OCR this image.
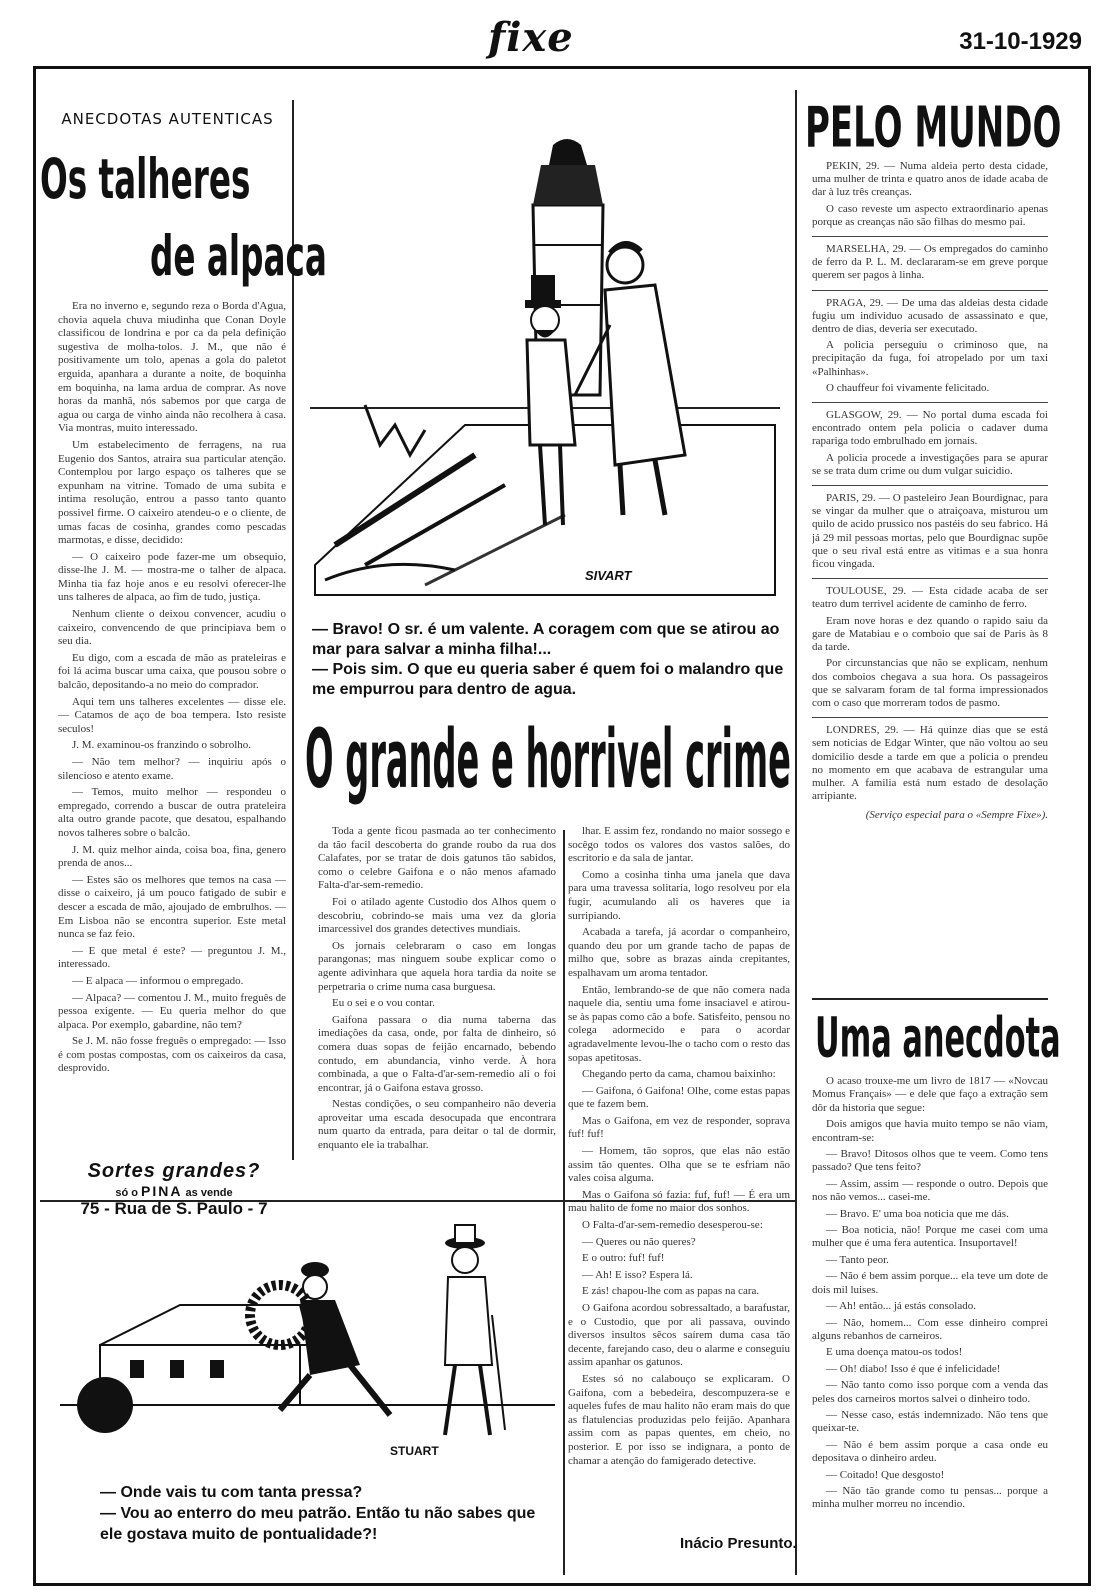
fixe	31-10-1929
ANECDOTAS AUTENTICAS
Os talheres
de alpaca

Era no inverno e, segundo reza o Borda d'Agua, chovia aquela chuva miudinha que Conan Doyle classificou de londrina e por ca da pela definição sugestiva de molha-tolos. J. M., que não é positivamente um tolo, apenas a gola do paletot erguida, apanhara a durante a noite, de boquinha em boquinha, na lama ardua de comprar. As nove horas da manhã, nós sabemos por que carga de agua ou carga de vinho ainda não recolhera à casa. Via montras, muito interessado.

Um estabelecimento de ferragens, na rua Eugenio dos Santos, atraira sua particular atenção. Contemplou por largo espaço os talheres que se expunham na vitrine. Tomado de uma subita e intima resolução, entrou a passo tanto quanto possivel firme. O caixeiro atendeu-o e o cliente, de umas facas de cosinha, grandes como pescadas marmotas, e disse, decidido:

— O caixeiro pode fazer-me um obsequio, disse-lhe J. M. — mostra-me o talher de alpaca. Minha tia faz hoje anos e eu resolvi oferecer-lhe uns talheres de alpaca, ao fim de tudo, justiça.

Nenhum cliente o deixou convencer, acudiu o caixeiro, convencendo de que principiava bem o seu dia.

Eu digo, com a escada de mão as prateleiras e foi lá acima buscar uma caixa, que pousou sobre o balcão, depositando-a no meio do comprador.

Aqui tem uns talheres excelentes — disse ele. — Catamos de aço de boa tempera. Isto resiste seculos!

J. M. examinou-os franzindo o sobrolho.

— Não tem melhor? — inquiriu após o silencioso e atento exame.

— Temos, muito melhor — respondeu o empregado, correndo a buscar de outra prateleira alta outro grande pacote, que desatou, espalhando novos talheres sobre o balcão.

J. M. quiz melhor ainda, coisa boa, fina, genero prenda de anos...

— Estes são os melhores que temos na casa — disse o caixeiro, já um pouco fatigado de subir e descer a escada de mão, ajoujado de embrulhos. — Em Lisboa não se encontra superior. Este metal nunca se faz feio.

— E que metal é este? — preguntou J. M., interessado.

— E alpaca — informou o empregado.

— Alpaca? — comentou J. M., muito freguês de pessoa exigente. — Eu queria melhor do que alpaca. Por exemplo, gabardine, não tem?

Se J. M. não fosse freguês o empregado: — Isso é com postas compostas, com os caixeiros da casa, desprovido.

Sortes grandes?
só o PINA as vende
75 - Rua de S. Paulo - 7
SIVART
— Bravo! O sr. é um valente. A coragem com que se atirou ao mar para salvar a minha filha!...
— Pois sim. O que eu queria saber é quem foi o malandro que me empurrou para dentro de agua.
O grande e horrivel crime

Toda a gente ficou pasmada ao ter conhecimento da tão facil descoberta do grande roubo da rua dos Calafates, por se tratar de dois gatunos tão sabidos, como o celebre Gaifona e o não menos afamado Falta-d'ar-sem-remedio.

Foi o atilado agente Custodio dos Alhos quem o descobriu, cobrindo-se mais uma vez da gloria imarcessivel dos grandes detectives mundiais.

Os jornais celebraram o caso em longas parangonas; mas ninguem soube explicar como o agente adivinhara que aquela hora tardia da noite se perpetraria o crime numa casa burguesa.

Eu o sei e o vou contar.

Gaifona passara o dia numa taberna das imediações da casa, onde, por falta de dinheiro, só comera duas sopas de feijão encarnado, bebendo contudo, em abundancia, vinho verde. À hora combinada, a que o Falta-d'ar-sem-remedio ali o foi encontrar, já o Gaifona estava grosso.

Nestas condições, o seu companheiro não deveria aproveitar uma escada desocupada que encontrara num quarto da entrada, para deitar o tal de dormir, enquanto ele ia trabalhar.

lhar. E assim fez, rondando no maior sossego e socêgo todos os valores dos vastos salões, do escritorio e da sala de jantar.

Como a cosinha tinha uma janela que dava para uma travessa solitaria, logo resolveu por ela fugir, acumulando ali os haveres que ia surripiando.

Acabada a tarefa, já acordar o companheiro, quando deu por um grande tacho de papas de milho que, sobre as brazas ainda crepitantes, espalhavam um aroma tentador.

Então, lembrando-se de que não comera nada naquele dia, sentiu uma fome insaciavel e atirou-se às papas como cão a bofe. Satisfeito, pensou no colega adormecido e para o acordar agradavelmente levou-lhe o tacho com o resto das sopas apetitosas.

Chegando perto da cama, chamou baixinho:

— Gaifona, ó Gaifona! Olhe, come estas papas que te fazem bem.

Mas o Gaifona, em vez de responder, soprava fuf! fuf!

— Homem, tão sopros, que elas não estão assim tão quentes. Olha que se te esfriam não vales coisa alguma.

Mas o Gaifona só fazia: fuf, fuf! — É era um mau halito de fome no maior dos sonhos.

O Falta-d'ar-sem-remedio desesperou-se:

— Queres ou não queres?

E o outro: fuf! fuf!

— Ah! E isso? Espera lá.

E zás! chapou-lhe com as papas na cara.

O Gaifona acordou sobressaltado, a barafustar, e o Custodio, que por ali passava, ouvindo diversos insultos sêcos saírem duma casa tão decente, farejando caso, deu o alarme e conseguiu assim apanhar os gatunos.

Estes só no calabouço se explicaram. O Gaifona, com a bebedeira, descompuzera-se e aqueles fufes de mau halito não eram mais do que as flatulencias produzidas pelo feijão. Apanhara assim com as papas quentes, em cheio, no posterior. E por isso se indignara, a ponto de chamar a atenção do famigerado detective.

Inácio Presunto.
STUART
— Onde vais tu com tanta pressa?
— Vou ao enterro do meu patrão. Então tu não sabes que ele gostava muito de pontualidade?!
PELO MUNDO

PEKIN, 29. — Numa aldeia perto desta cidade, uma mulher de trinta e quatro anos de idade acaba de dar à luz três creanças.

O caso reveste um aspecto extraordinario apenas porque as creanças não são filhas do mesmo pai.

MARSELHA, 29. — Os empregados do caminho de ferro da P. L. M. declararam-se em greve porque querem ser pagos à linha.

PRAGA, 29. — De uma das aldeias desta cidade fugiu um individuo acusado de assassinato e que, dentro de dias, deveria ser executado.

A policia perseguiu o criminoso que, na precipitação da fuga, foi atropelado por um taxi «Palhinhas».

O chauffeur foi vivamente felicitado.

GLASGOW, 29. — No portal duma escada foi encontrado ontem pela policia o cadaver duma rapariga todo embrulhado em jornais.

A policia procede a investigações para se apurar se se trata dum crime ou dum vulgar suicidio.

PARIS, 29. — O pasteleiro Jean Bourdignac, para se vingar da mulher que o atraiçoava, misturou um quilo de acido prussico nos pastéis do seu fabrico. Há já 29 mil pessoas mortas, pelo que Bourdignac supõe que o seu rival está entre as vitimas e a sua honra ficou vingada.

TOULOUSE, 29. — Esta cidade acaba de ser teatro dum terrivel acidente de caminho de ferro.

Eram nove horas e dez quando o rapido saiu da gare de Matabiau e o comboio que sai de Paris às 8 da tarde.

Por circunstancias que não se explicam, nenhum dos comboios chegava a sua hora. Os passageiros que se salvaram foram de tal forma impressionados com o caso que morreram todos de pasmo.

LONDRES, 29. — Há quinze dias que se está sem noticias de Edgar Winter, que não voltou ao seu domicilio desde a tarde em que a policia o prendeu no momento em que acabava de estrangular uma mulher. A familia está num estado de desolação arripiante.

(Serviço especial para o «Sempre Fixe»).
Uma anecdota

O acaso trouxe-me um livro de 1817 — «Novcau Momus Français» — e dele que faço a extração sem dôr da historia que segue:

Dois amigos que havia muito tempo se não viam, encontram-se:

— Bravo! Ditosos olhos que te veem. Como tens passado? Que tens feito?

— Assim, assim — responde o outro. Depois que nos não vemos... casei-me.

— Bravo. E' uma boa noticia que me dás.

— Boa noticia, não! Porque me casei com uma mulher que é uma fera autentica. Insuportavel!

— Tanto peor.

— Não é bem assim porque... ela teve um dote de dois mil luises.

— Ah! então... já estás consolado.

— Não, homem... Com esse dinheiro comprei alguns rebanhos de carneiros.

E uma doença matou-os todos!

— Oh! diabo! Isso é que é infelicidade!

— Não tanto como isso porque com a venda das peles dos carneiros mortos salvei o dinheiro todo.

— Nesse caso, estás indemnizado. Não tens que queixar-te.

— Não é bem assim porque a casa onde eu depositava o dinheiro ardeu.

— Coitado! Que desgosto!

— Não tão grande como tu pensas... porque a minha mulher morreu no incendio.
